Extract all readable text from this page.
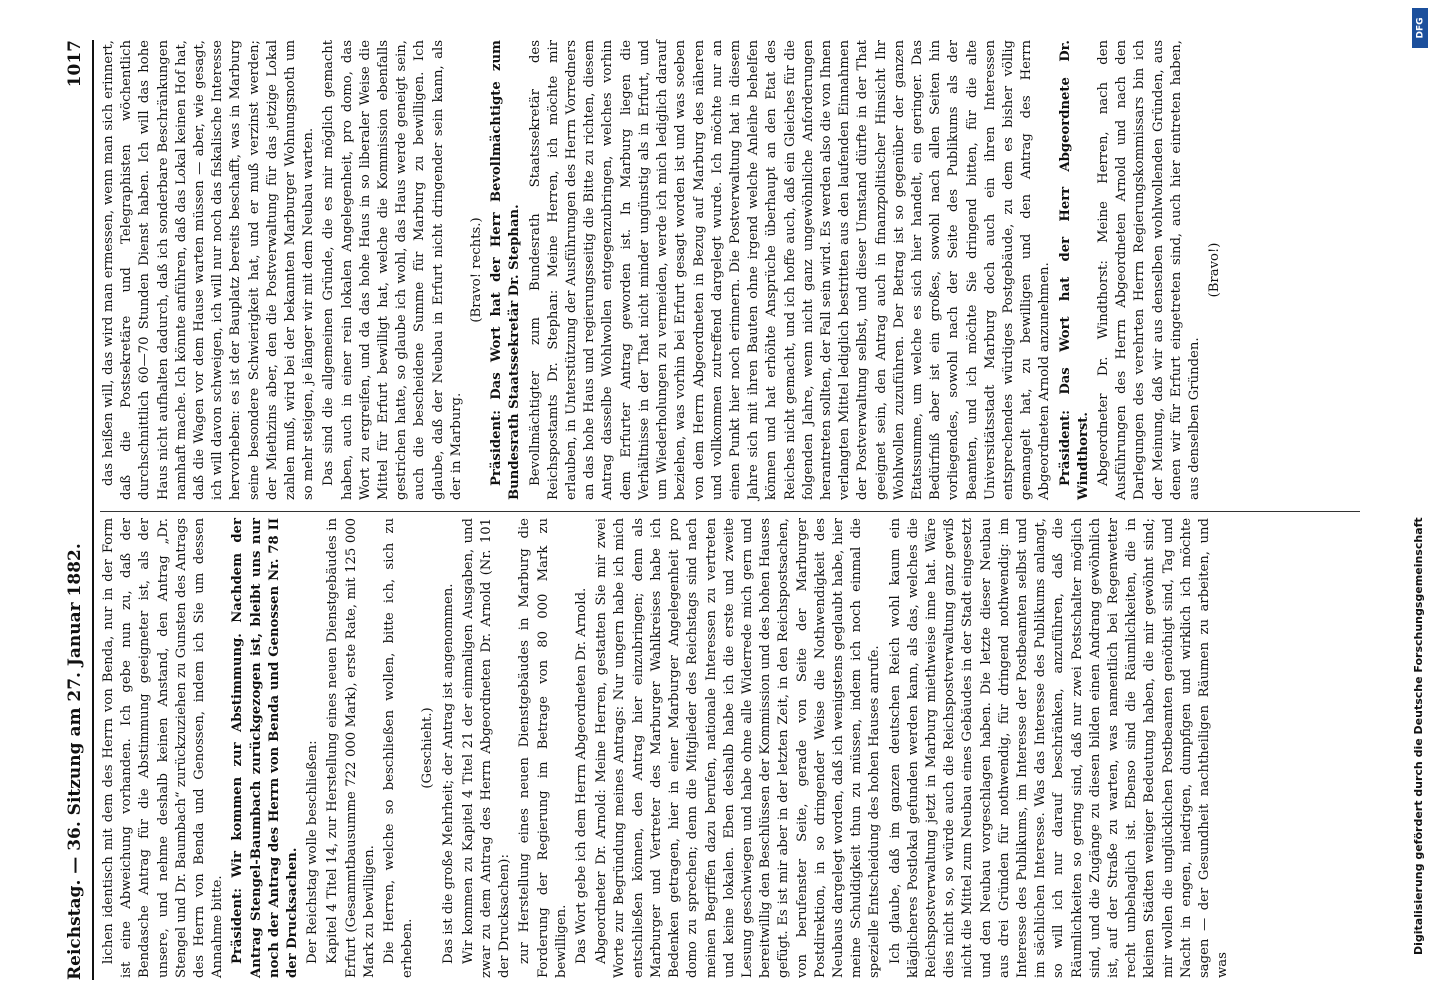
Reichstag. — 36. Sitzung am 27. Januar 1882.
1017

lichen identisch mit dem des Herrn von Benda, nur in der Form ist eine Abweichung vorhanden. Ich gebe nun zu, daß der Bendasche Antrag für die Abstimmung geeigneter ist, als der unsere, und nehme deshalb keinen Anstand, den Antrag „Dr. Stengel und Dr. Baumbach“ zurückzuziehen zu Gunsten des Antrags des Herrn von Benda und Genossen, indem ich Sie um dessen Annahme bitte. Präsident: Wir kommen zur Abstimmung. Nachdem der Antrag Stengel-Baumbach zurückgezogen ist, bleibt uns nur noch der Antrag des Herrn von Benda und Genossen Nr. 78 II der Drucksachen. Der Reichstag wolle beschließen: Kapitel 4 Titel 14, zur Herstellung eines neuen Dienstgebäudes in Erfurt (Gesammtbausumme 722 000 Mark), erste Rate, mit 125 000 Mark zu bewilligen. Die Herren, welche so beschließen wollen, bitte ich, sich zu erheben.

(Geschieht.) Das ist die große Mehrheit; der Antrag ist angenommen. Wir kommen zu Kapitel 4 Titel 21 der einmaligen Ausgaben, und zwar zu dem Antrag des Herrn Abgeordneten Dr. Arnold (Nr. 101 der Drucksachen): zur Herstellung eines neuen Dienstgebäudes in Marburg die Forderung der Regierung im Betrage von 80 000 Mark zu bewilligen. Das Wort gebe ich dem Herrn Abgeordneten Dr. Arnold. Abgeordneter Dr. Arnold: Meine Herren, gestatten Sie mir zwei Worte zur Begründung meines Antrags: Nur ungern habe ich mich entschließen können, den Antrag hier einzubringen; denn als Marburger und Vertreter des Marburger Wahlkreises habe ich Bedenken getragen, hier in einer Marburger Angelegenheit pro domo zu sprechen; denn die Mitglieder des Reichstags sind nach meinen Begriffen dazu berufen, nationale Interessen zu vertreten und keine lokalen. Eben deshalb habe ich die erste und zweite Lesung geschwiegen und habe ohne alle Widerrede mich gern und bereitwillig den Beschlüssen der Kommission und des hohen Hauses gefügt. Es ist mir aber in der letzten Zeit, in den Reichspostsachen, von berufenster Seite, gerade von Seite der Marburger Postdirektion, in so dringender Weise die Nothwendigkeit des Neubaus dargelegt worden, daß ich wenigstens geglaubt habe, hier meine Schuldigkeit thun zu müssen, indem ich noch einmal die spezielle Entscheidung des hohen Hauses anrufe. Ich glaube, daß im ganzen deutschen Reich wohl kaum ein kläglicheres Postlokal gefunden werden kann, als das, welches die Reichspostverwaltung jetzt in Marburg miethweise inne hat. Wäre dies nicht so, so würde auch die Reichspostverwaltung ganz gewiß nicht die Mittel zum Neubau eines Gebäudes in der Stadt eingesetzt und den Neubau vorgeschlagen haben. Die letzte dieser Neubau aus drei Gründen für nothwendig, für dringend nothwendig: im Interesse des Publikums, im Interesse der Postbeamten selbst und im sächlichen Interesse. Was das Interesse des Publikums anlangt, so will ich nur darauf beschränken, anzuführen, daß die Räumlichkeiten so gering sind, daß nur zwei Postschalter möglich sind, und die Zugänge zu diesen bilden einen Andrang gewöhnlich ist, auf der Straße zu warten, was namentlich bei Regenwetter recht unbehaglich ist. Ebenso sind die Räumlichkeiten, die in kleinen Städten weniger Bedeutung haben, die mir gewöhnt sind; mir wollen die unglücklichen Postbeamten genöthigt sind, Tag und Nacht in engen, niedrigen, dumpfigen und wirklich ich möchte sagen — der Gesundheit nachtheiligen Räumen zu arbeiten, und was

das heißen will, das wird man ermessen, wenn man sich erinnert, daß die Postsekretäre und Telegraphisten wöchentlich durchschnittlich 60—70 Stunden Dienst haben. Ich will das hohe Haus nicht aufhalten dadurch, daß ich sonderbare Beschränkungen namhaft mache. Ich könnte anführen, daß das Lokal keinen Hof hat, daß die Wagen vor dem Hause warten müssen — aber, wie gesagt, ich will davon schweigen, ich will nur noch das fiskalische Interesse hervorheben: es ist der Bauplatz bereits beschafft, was in Marburg seine besondere Schwierigkeit hat, und er muß verzinst werden; der Miethzins aber, den die Postverwaltung für das jetzige Lokal zahlen muß, wird bei der bekannten Marburger Wohnungsnoth um so mehr steigen, je länger wir mit dem Neubau warten. Das sind die allgemeinen Gründe, die es mir möglich gemacht haben, auch in einer rein lokalen Angelegenheit, pro domo, das Wort zu ergreifen, und da das hohe Haus in so liberaler Weise die Mittel für Erfurt bewilligt hat, welche die Kommission ebenfalls gestrichen hatte, so glaube ich wohl, das Haus werde geneigt sein, auch die bescheidene Summe für Marburg zu bewilligen. Ich glaube, daß der Neubau in Erfurt nicht dringender sein kann, als der in Marburg.

(Bravo! rechts.) Präsident: Das Wort hat der Herr Bevollmächtigte zum Bundesrath Staatssekretär Dr. Stephan. Bevollmächtigter zum Bundesrath Staatssekretär des Reichspostamts Dr. Stephan: Meine Herren, ich möchte mir erlauben, in Unterstützung der Ausführungen des Herrn Vorredners an das hohe Haus und regierungsseitig die Bitte zu richten, diesem Antrag dasselbe Wohlwollen entgegenzubringen, welches vorhin dem Erfurter Antrag geworden ist. In Marburg liegen die Verhältnisse in der That nicht minder ungünstig als in Erfurt, und um Wiederholungen zu vermeiden, werde ich mich lediglich darauf beziehen, was vorhin bei Erfurt gesagt worden ist und was soeben von dem Herrn Abgeordneten in Bezug auf Marburg des näheren und vollkommen zutreffend dargelegt wurde. Ich möchte nur an einen Punkt hier noch erinnern. Die Postverwaltung hat in diesem Jahre sich mit ihren Bauten ohne irgend welche Anleihe behelfen können und hat erhöhte Ansprüche überhaupt an den Etat des Reiches nicht gemacht, und ich hoffe auch, daß ein Gleiches für die folgenden Jahre, wenn nicht ganz ungewöhnliche Anforderungen herantreten sollten, der Fall sein wird. Es werden also die von Ihnen verlangten Mittel lediglich bestritten aus den laufenden Einnahmen der Postverwaltung selbst, und dieser Umstand dürfte in der That geeignet sein, den Antrag auch in finanzpolitischer Hinsicht Ihr Wohlwollen zuzuführen. Der Betrag ist so gegenüber der ganzen Etatssumme, um welche es sich hier handelt, ein geringer. Das Bedürfniß aber ist ein großes, sowohl nach allen Seiten hin vorliegendes, sowohl nach der Seite des Publikums als der Beamten, und ich möchte Sie dringend bitten, für die alte Universitätsstadt Marburg doch auch ein ihren Interessen entsprechendes würdiges Postgebäude, zu dem es bisher völlig gemangelt hat, zu bewilligen und den Antrag des Herrn Abgeordneten Arnold anzunehmen. Präsident: Das Wort hat der Herr Abgeordnete Dr. Windthorst. Abgeordneter Dr. Windthorst: Meine Herren, nach den Ausführungen des Herrn Abgeordneten Arnold und nach den Darlegungen des verehrten Herrn Regierungskommissars bin ich der Meinung, daß wir aus denselben wohlwollenden Gründen, aus denen wir für Erfurt eingetreten sind, auch hier eintreten haben, aus denselben Gründen.

(Bravo!)

DFG
Digitalisierung gefördert durch die Deutsche Forschungsgemeinschaft
